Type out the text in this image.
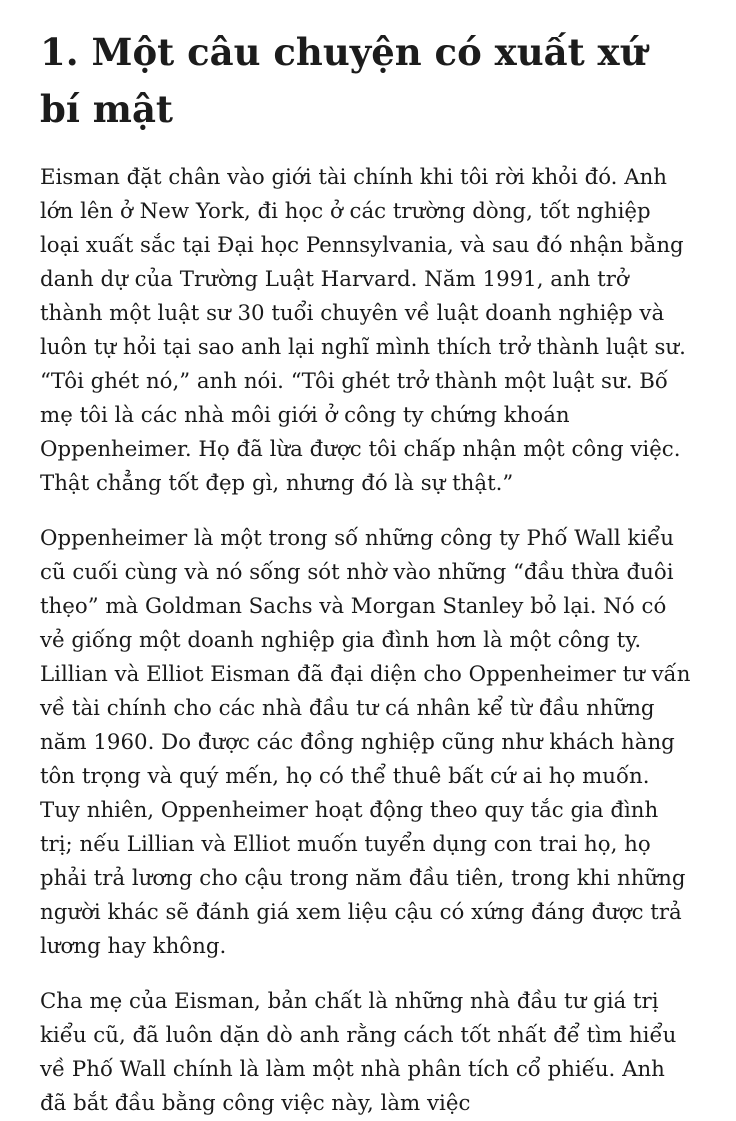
1. Một câu chuyện có xuất xứ bí mật

Eisman đặt chân vào giới tài chính khi tôi rời khỏi đó. Anh lớn lên ở New York, đi học ở các trường dòng, tốt nghiệp loại xuất sắc tại Đại học Pennsylvania, và sau đó nhận bằng danh dự của Trường Luật Harvard. Năm 1991, anh trở thành một luật sư 30 tuổi chuyên về luật doanh nghiệp và luôn tự hỏi tại sao anh lại nghĩ mình thích trở thành luật sư. “Tôi ghét nó,” anh nói. “Tôi ghét trở thành một luật sư. Bố mẹ tôi là các nhà môi giới ở công ty chứng khoán Oppenheimer. Họ đã lừa được tôi chấp nhận một công việc. Thật chẳng tốt đẹp gì, nhưng đó là sự thật.”

Oppenheimer là một trong số những công ty Phố Wall kiểu cũ cuối cùng và nó sống sót nhờ vào những “đầu thừa đuôi thẹo” mà Goldman Sachs và Morgan Stanley bỏ lại. Nó có vẻ giống một doanh nghiệp gia đình hơn là một công ty. Lillian và Elliot Eisman đã đại diện cho Oppenheimer tư vấn về tài chính cho các nhà đầu tư cá nhân kể từ đầu những năm 1960. Do được các đồng nghiệp cũng như khách hàng tôn trọng và quý mến, họ có thể thuê bất cứ ai họ muốn. Tuy nhiên, Oppenheimer hoạt động theo quy tắc gia đình trị; nếu Lillian và Elliot muốn tuyển dụng con trai họ, họ phải trả lương cho cậu trong năm đầu tiên, trong khi những người khác sẽ đánh giá xem liệu cậu có xứng đáng được trả lương hay không.

Cha mẹ của Eisman, bản chất là những nhà đầu tư giá trị kiểu cũ, đã luôn dặn dò anh rằng cách tốt nhất để tìm hiểu về Phố Wall chính là làm một nhà phân tích cổ phiếu. Anh đã bắt đầu bằng công việc này, làm việc
